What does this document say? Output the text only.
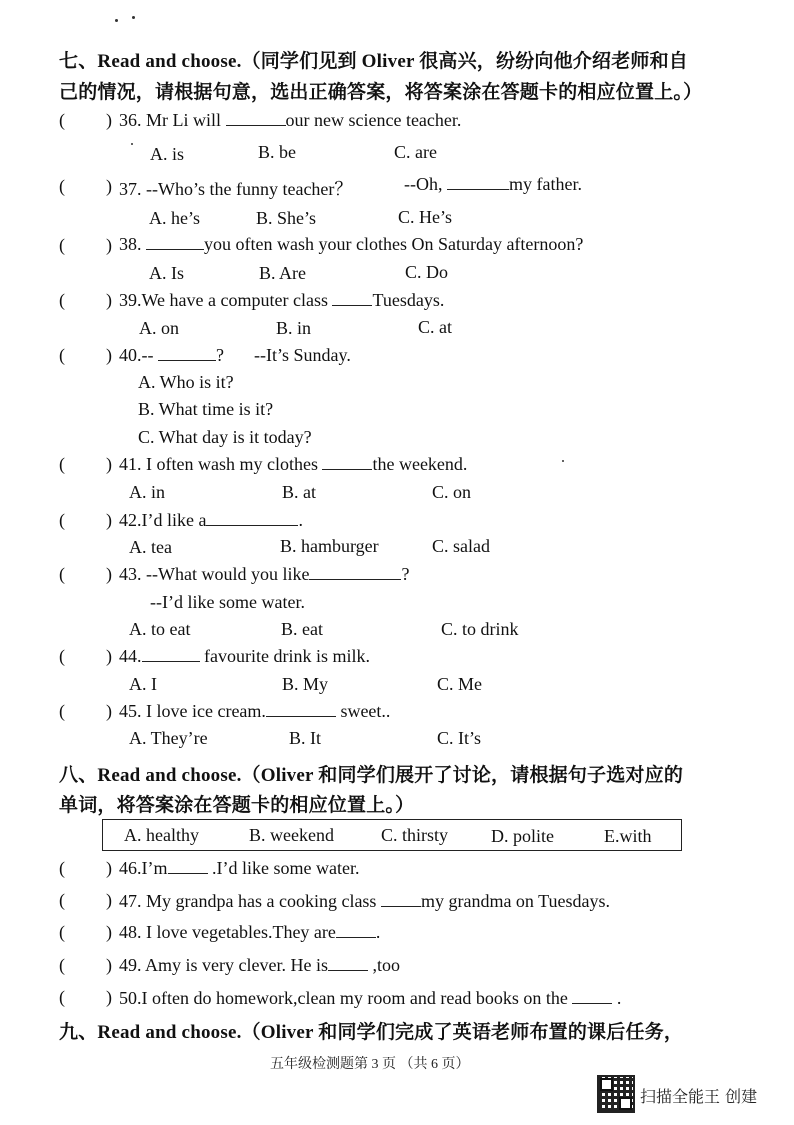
七、Read and choose.（同学们见到 Oliver 很高兴，纷纷向他介绍老师和自
己的情况，请根据句意，选出正确答案，将答案涂在答题卡的相应位置上。）
( ) 36. Mr Li will	our new science teacher.
A. is	B. be	C. are
( ) 37. --Who’s the funny teacher？	--Oh,	my father.
A. he’s	B. She’s	C. He’s
( ) 38.	you often wash your clothes On Saturday afternoon?
A. Is	B. Are	C. Do
( ) 39.We have a computer class Tuesdays.
A. on	B. in	C. at
( ) 40.--	? --It’s Sunday.
A. Who is it?
B. What time is it?
C. What day is it today?
( ) 41. I often wash my clothes	the weekend.
A. in	B. at	C. on
( ) 42.I’d like a	.
A. tea	B. hamburger	C. salad
( ) 43. --What would you like	?
--I’d like some water.
A. to eat	B. eat	C. to drink
( ) 44.	favourite drink is milk.
A. I	B. My	C. Me
( ) 45. I love ice cream.	sweet..
A. They’re	B. It	C. It’s
八、Read and choose.（Oliver 和同学们展开了讨论，请根据句子选对应的
单词，将答案涂在答题卡的相应位置上。）
A. healthy	B. weekend	C. thirsty D. polite	E.with
( ) 46.I’m .I’d like some water.
( ) 47. My grandpa has a cooking class my grandma on Tuesdays.
( ) 48. I love vegetables.They are .
( ) 49. Amy is very clever. He is ,too
( ) 50.I often do homework,clean my room and read books on the  .
九、Read and choose.（Oliver 和同学们完成了英语老师布置的课后任务，
五年级检测题第 3 页 （共 6 页）
扫描全能王 创建
